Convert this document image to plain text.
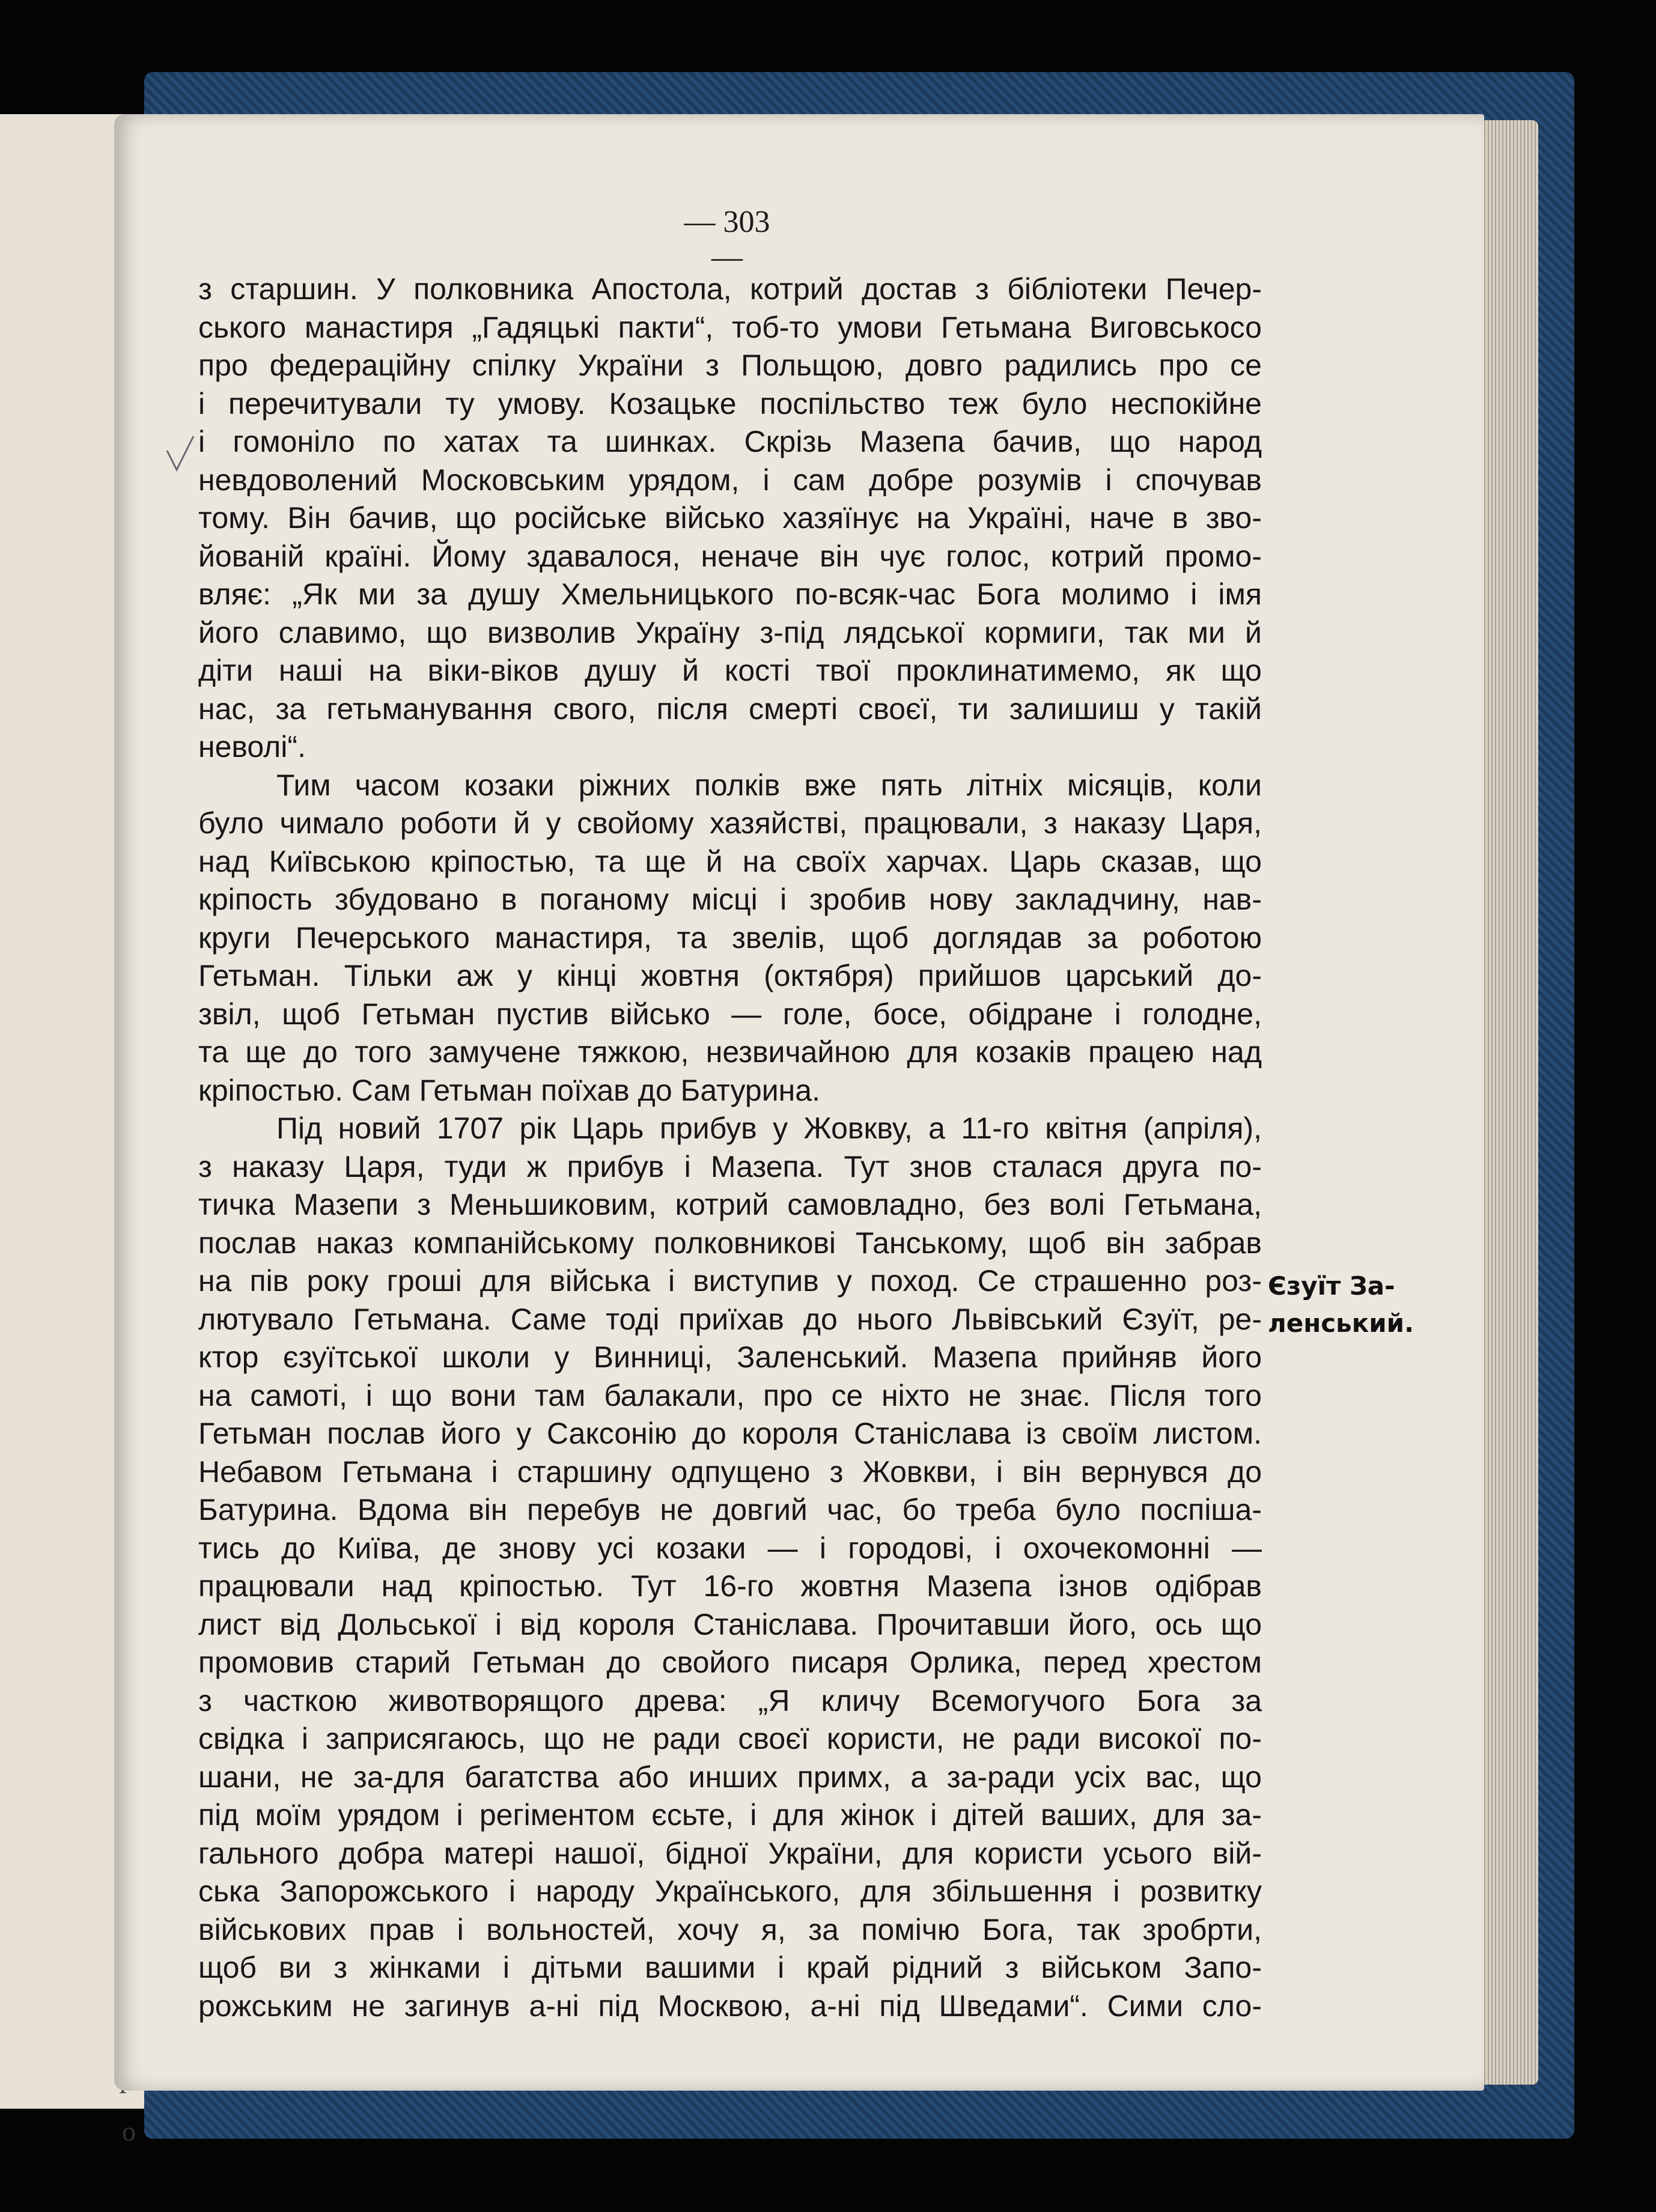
о
— 303 —
з старшин. У полковника Апостола, котрий достав з бібліотеки Печер-
ського манастиря „Гадяцькі пакти“, тоб-то умови Гетьмана Виговськосо
про федераційну спілку України з Польщою, довго радились про се
і перечитували ту умову. Козацьке поспільство теж було неспокійне
і гомоніло по хатах та шинках. Скрізь Мазепа бачив, що народ
невдоволений Московським урядом, і сам добре розумів і спочував
тому. Він бачив, що російське військо хазяїнує на Україні, наче в зво-
йованій країні. Йому здавалося, неначе він чує голос, котрий промо-
вляє: „Як ми за душу Хмельницького по-всяк-час Бога молимо і імя
його славимо, що визволив Україну з-під лядської кормиги, так ми й
діти наші на віки-віков душу й кості твої проклинатимемо, як що
нас, за гетьманування свого, після смерті своєї, ти залишиш у такій
неволі“.
Тим часом козаки ріжних полків вже пять літніх місяців, коли
було чимало роботи й у свойому хазяйстві, працювали, з наказу Царя,
над Київською кріпостью, та ще й на своїх харчах. Царь сказав, що
кріпость збудовано в поганому місці і зробив нову закладчину, нав-
круги Печерського манастиря, та звелів, щоб доглядав за роботою
Гетьман. Тільки аж у кінці жовтня (октября) прийшов царський до-
звіл, щоб Гетьман пустив військо — голе, босе, обідране і голодне,
та ще до того замучене тяжкою, незвичайною для козаків працею над
кріпостью. Сам Гетьман поїхав до Батурина.
Під новий 1707 рік Царь прибув у Жовкву, а 11-го квітня (апріля),
з наказу Царя, туди ж прибув і Мазепа. Тут знов сталася друга по-
тичка Мазепи з Меньшиковим, котрий самовладно, без волі Гетьмана,
послав наказ компанійському полковникові Танському, щоб він забрав
на пів року гроші для війська і виступив у поход. Се страшенно роз-
лютувало Гетьмана. Саме тоді приїхав до нього Львівський Єзуїт, ре-
ктор єзуїтської школи у Винниці, Заленський. Мазепа прийняв його
на самоті, і що вони там балакали, про се ніхто не знає. Після того
Гетьман послав його у Саксонію до короля Станіслава із своїм листом.
Небавом Гетьмана і старшину одпущено з Жовкви, і він вернувся до
Батурина. Вдома він перебув не довгий час, бо треба було поспіша-
тись до Київа, де знову усі козаки — і городові, і охочекомонні —
працювали над кріпостью. Тут 16-го жовтня Мазепа ізнов одібрав
лист від Дольської і від короля Станіслава. Прочитавши його, ось що
промовив старий Гетьман до свойого писаря Орлика, перед хрестом
з часткою животворящого древа: „Я кличу Всемогучого Бога за
свідка і заприсягаюсь, що не ради своєї користи, не ради високої по-
шани, не за-для багатства або инших примх, а за-ради усіх вас, що
під моїм урядом і регіментом єсьте, і для жінок і дітей ваших, для за-
гального добра матері нашої, бідної України, для користи усього вій-
ська Запорожського і народу Українського, для збільшення і розвитку
військових прав і вольностей, хочу я, за помічю Бога, так зробрти,
щоб ви з жінками і дітьми вашими і край рідний з військом Запо-
рожським не загинув а-ні під Москвою, а-ні під Шведами“. Сими сло-
Єзуїт За-
ленський.
